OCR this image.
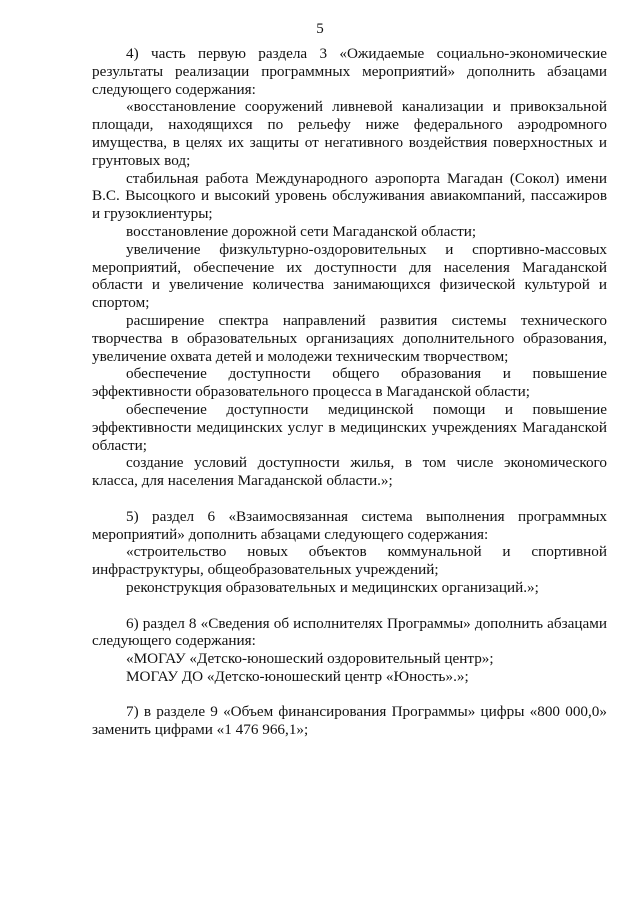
5

4) часть первую раздела 3 «Ожидаемые социально-экономические результаты реализации программных мероприятий» дополнить абзацами следующего содержания:

«восстановление сооружений ливневой канализации и привокзальной площади, находящихся по рельефу ниже федерального аэродромного имущества, в целях их защиты от негативного воздействия поверхностных и грунтовых вод;

стабильная работа Международного аэропорта Магадан (Сокол) имени В.С. Высоцкого и высокий уровень обслуживания авиакомпаний, пассажиров и грузоклиентуры;

восстановление дорожной сети Магаданской области;

увеличение физкультурно-оздоровительных и спортивно-массовых мероприятий, обеспечение их доступности для населения Магаданской области и увеличение количества занимающихся физической культурой и спортом;

расширение спектра направлений развития системы технического творчества в образовательных организациях дополнительного образования, увеличение охвата детей и молодежи техническим творчеством;

обеспечение доступности общего образования и повышение эффективности образовательного процесса в Магаданской области;

обеспечение доступности медицинской помощи и повышение эффективности медицинских услуг в медицинских учреждениях Магаданской области;

создание условий доступности жилья, в том числе экономического класса, для населения Магаданской области.»;

5) раздел 6 «Взаимосвязанная система выполнения программных мероприятий» дополнить абзацами следующего содержания:

«строительство новых объектов коммунальной и спортивной инфраструктуры, общеобразовательных учреждений;

реконструкция образовательных и медицинских организаций.»;

6) раздел 8 «Сведения об исполнителях Программы» дополнить абзацами следующего содержания:

«МОГАУ «Детско-юношеский оздоровительный центр»;

МОГАУ ДО «Детско-юношеский центр «Юность».»;

7) в разделе 9 «Объем финансирования Программы» цифры «800 000,0» заменить цифрами «1 476 966,1»;
